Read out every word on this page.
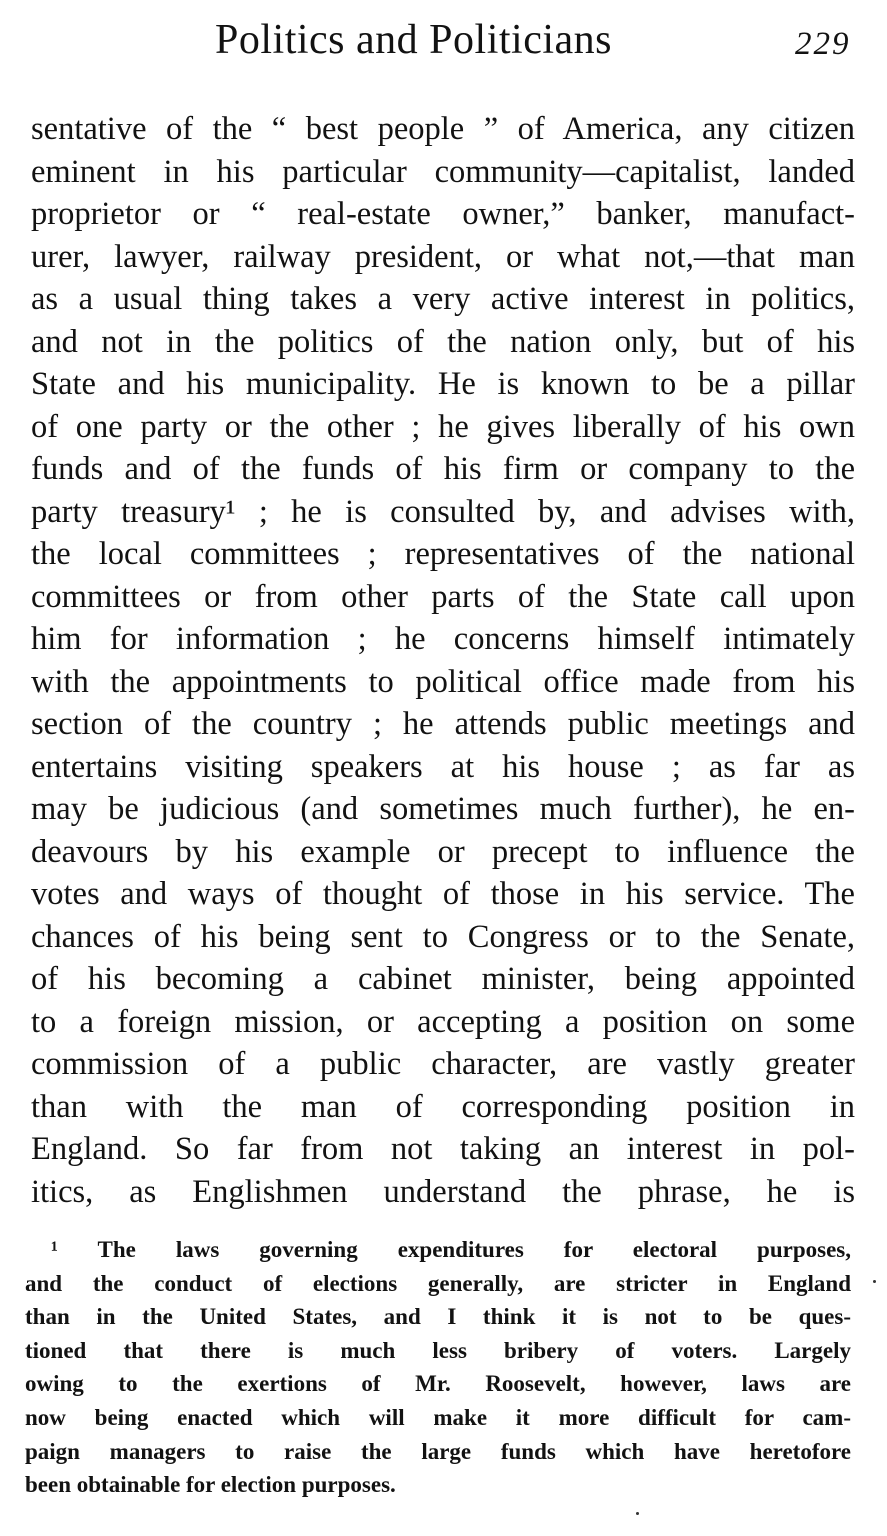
Politics and Politicians	229
sentative of the “ best people ” of America, any citizen
eminent in his particular community—capitalist, landed
proprietor or “ real-estate owner,” banker, manufact-
urer, lawyer, railway president, or what not,—that man
as a usual thing takes a very active interest in politics,
and not in the politics of the nation only, but of his
State and his municipality. He is known to be a pillar
of one party or the other ; he gives liberally of his own
funds and of the funds of his firm or company to the
party treasury¹ ; he is consulted by, and advises with,
the local committees ; representatives of the national
committees or from other parts of the State call upon
him for information ; he concerns himself intimately
with the appointments to political office made from his
section of the country ; he attends public meetings and
entertains visiting speakers at his house ; as far as
may be judicious (and sometimes much further), he en-
deavours by his example or precept to influence the
votes and ways of thought of those in his service. The
chances of his being sent to Congress or to the Senate,
of his becoming a cabinet minister, being appointed
to a foreign mission, or accepting a position on some
commission of a public character, are vastly greater
than with the man of corresponding position in
England. So far from not taking an interest in pol-
itics, as Englishmen understand the phrase, he is
¹ The laws governing expenditures for electoral purposes,
and the conduct of elections generally, are stricter in England
than in the United States, and I think it is not to be ques-
tioned that there is much less bribery of voters. Largely
owing to the exertions of Mr. Roosevelt, however, laws are
now being enacted which will make it more difficult for cam-
paign managers to raise the large funds which have heretofore
been obtainable for election purposes.
